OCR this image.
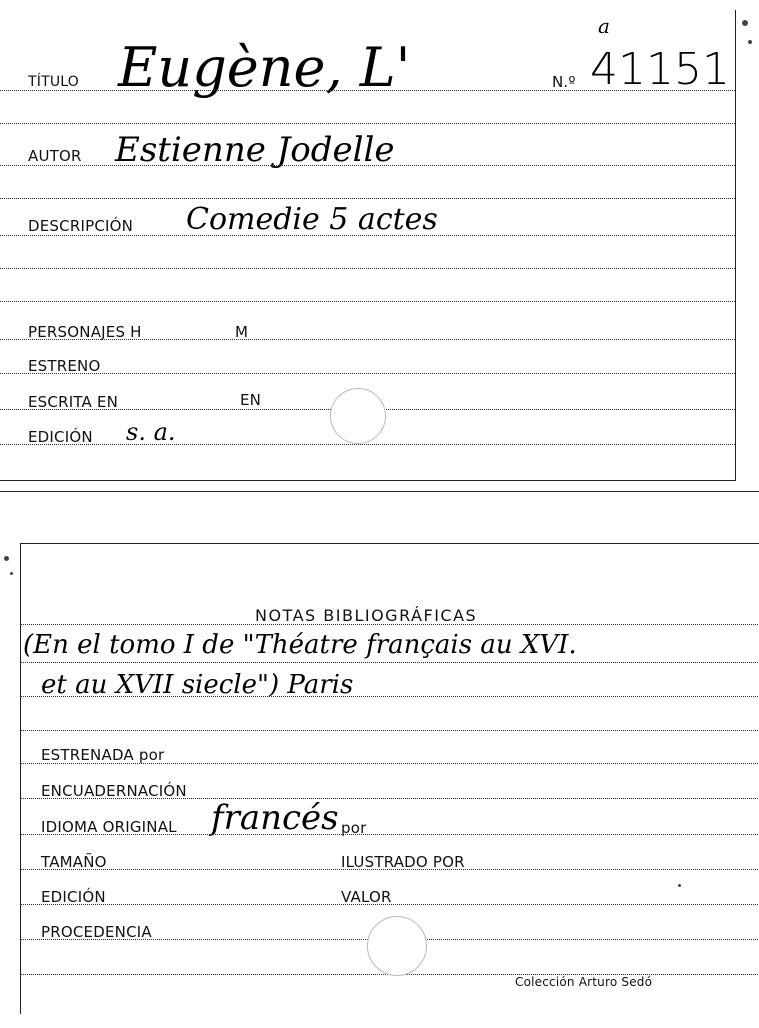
a
TÍTULO Eugène, L'	N.º 41151
AUTOR Estienne Jodelle
DESCRIPCIÓN Comedie 5 actes
PERSONAJES H	M
ESTRENO
ESCRITA EN	EN
EDICIÓN s. a.
NOTAS BIBLIOGRÁFICAS
(En el tomo I de "Théatre français au XVI.
et au XVII siecle") Paris
ESTRENADA por
ENCUADERNACIÓN
IDIOMA ORIGINAL francés por
TAMAÑO	ILUSTRADO POR
EDICIÓN	VALOR
PROCEDENCIA
Colección Arturo Sedó
